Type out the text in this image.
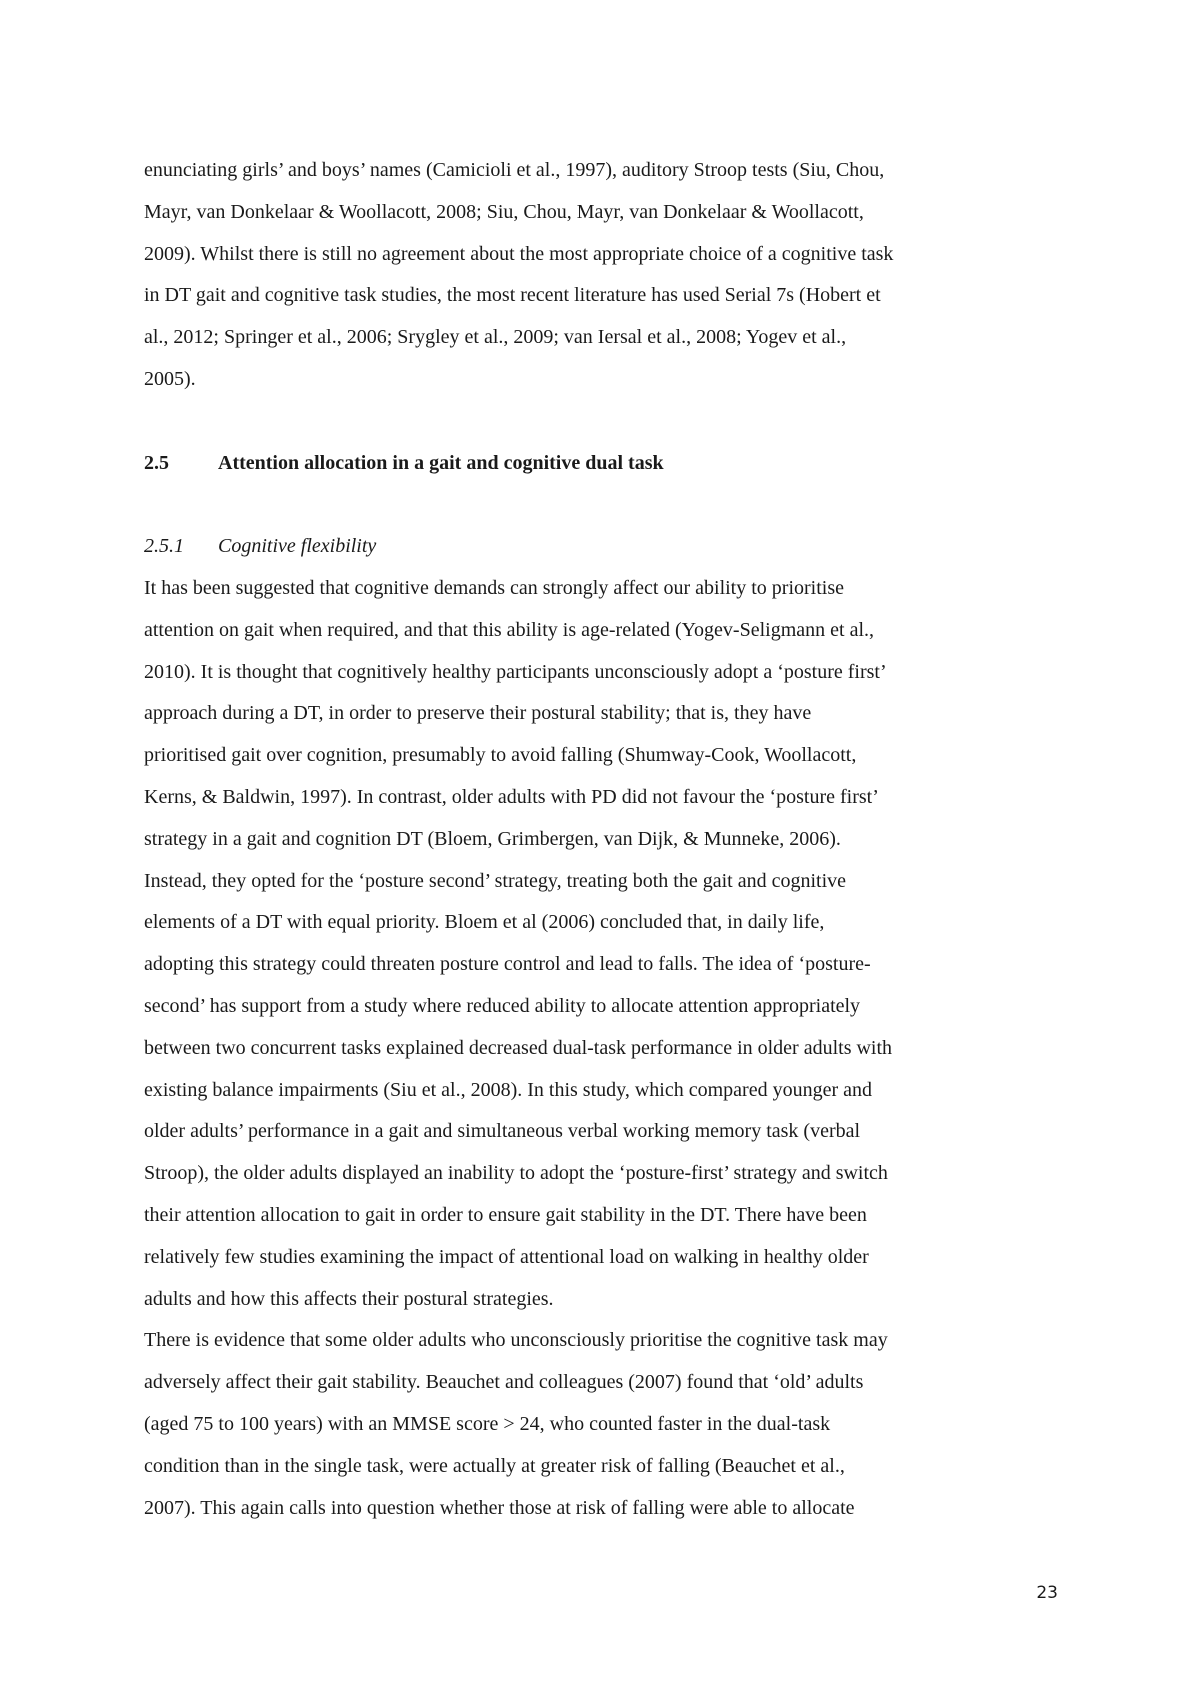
enunciating girls’ and boys’ names (Camicioli et al., 1997), auditory Stroop tests (Siu, Chou,
Mayr, van Donkelaar & Woollacott, 2008; Siu, Chou, Mayr, van Donkelaar & Woollacott,
2009). Whilst there is still no agreement about the most appropriate choice of a cognitive task
in DT gait and cognitive task studies, the most recent literature has used Serial 7s (Hobert et
al., 2012; Springer et al., 2006; Srygley et al., 2009; van Iersal et al., 2008; Yogev et al.,
2005).

2.5 Attention allocation in a gait and cognitive dual task
2.5.1 Cognitive flexibility

It has been suggested that cognitive demands can strongly affect our ability to prioritise
attention on gait when required, and that this ability is age-related (Yogev-Seligmann et al.,
2010). It is thought that cognitively healthy participants unconsciously adopt a ‘posture first’
approach during a DT, in order to preserve their postural stability; that is, they have
prioritised gait over cognition, presumably to avoid falling (Shumway-Cook, Woollacott,
Kerns, & Baldwin, 1997). In contrast, older adults with PD did not favour the ‘posture first’
strategy in a gait and cognition DT (Bloem, Grimbergen, van Dijk, & Munneke, 2006).
Instead, they opted for the ‘posture second’ strategy, treating both the gait and cognitive
elements of a DT with equal priority. Bloem et al (2006) concluded that, in daily life,
adopting this strategy could threaten posture control and lead to falls. The idea of ‘posture-
second’ has support from a study where reduced ability to allocate attention appropriately
between two concurrent tasks explained decreased dual-task performance in older adults with
existing balance impairments (Siu et al., 2008). In this study, which compared younger and
older adults’ performance in a gait and simultaneous verbal working memory task (verbal
Stroop), the older adults displayed an inability to adopt the ‘posture-first’ strategy and switch
their attention allocation to gait in order to ensure gait stability in the DT. There have been
relatively few studies examining the impact of attentional load on walking in healthy older
adults and how this affects their postural strategies.

There is evidence that some older adults who unconsciously prioritise the cognitive task may
adversely affect their gait stability. Beauchet and colleagues (2007) found that ‘old’ adults
(aged 75 to 100 years) with an MMSE score > 24, who counted faster in the dual-task
condition than in the single task, were actually at greater risk of falling (Beauchet et al.,
2007). This again calls into question whether those at risk of falling were able to allocate

23
